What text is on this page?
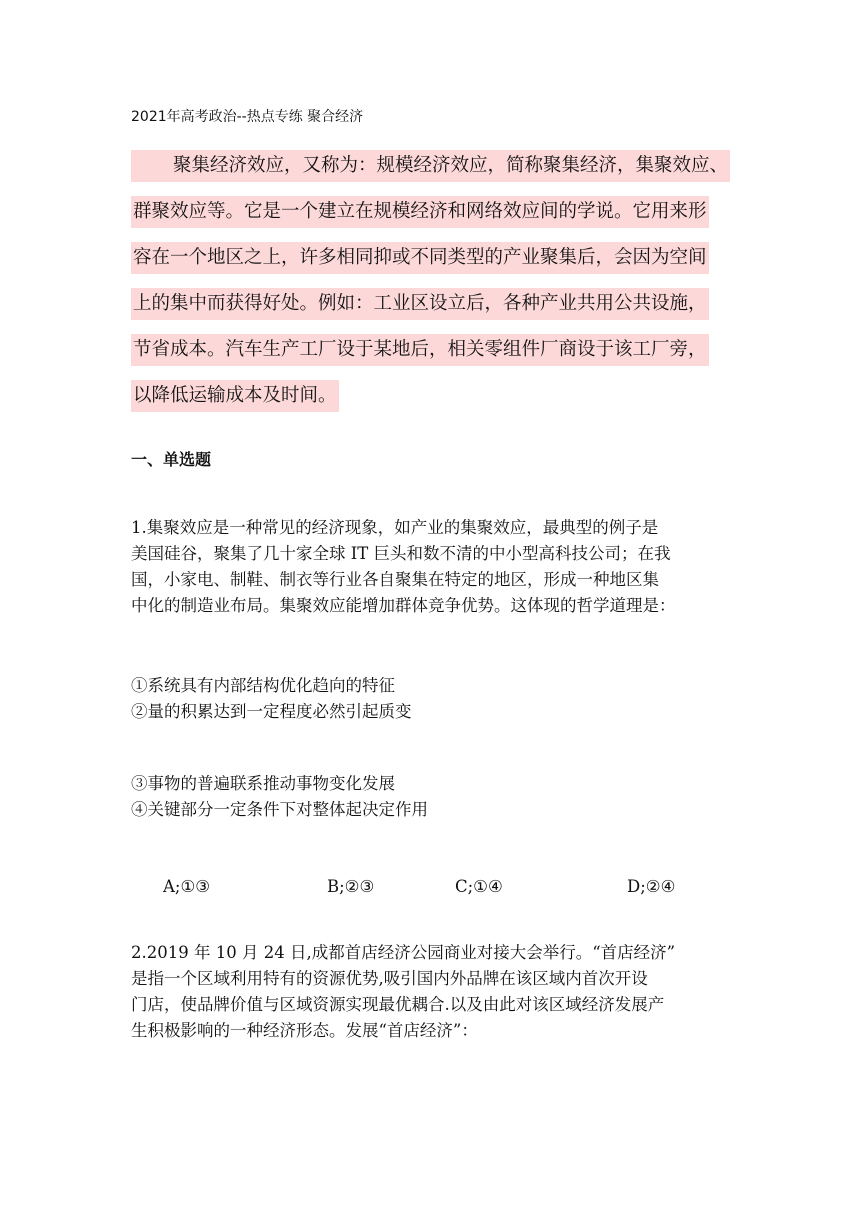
2021年高考政治--热点专练 聚合经济
聚集经济效应，又称为：规模经济效应，简称聚集经济，集聚效应、
群聚效应等。它是一个建立在规模经济和网络效应间的学说。它用来形
容在一个地区之上，许多相同抑或不同类型的产业聚集后，会因为空间
上的集中而获得好处。例如：工业区设立后，各种产业共用公共设施，
节省成本。汽车生产工厂设于某地后，相关零组件厂商设于该工厂旁，
以降低运输成本及时间。
一、单选题
1.集聚效应是一种常见的经济现象，如产业的集聚效应，最典型的例子是
美国硅谷，聚集了几十家全球 IT 巨头和数不清的中小型高科技公司；在我
国，小家电、制鞋、制衣等行业各自聚集在特定的地区，形成一种地区集
中化的制造业布局。集聚效应能增加群体竞争优势。这体现的哲学道理是：
①系统具有内部结构优化趋向的特征
②量的积累达到一定程度必然引起质变
③事物的普遍联系推动事物变化发展
④关键部分一定条件下对整体起决定作用
A;①③	B;②③	C;①④	D;②④
2.2019 年 10 月 24 日,成都首店经济公园商业对接大会举行。“首店经济”
是指一个区域利用特有的资源优势,吸引国内外品牌在该区域内首次开设
门店，使品牌价值与区域资源实现最优耦合.以及由此对该区域经济发展产
生积极影响的一种经济形态。发展“首店经济”：
